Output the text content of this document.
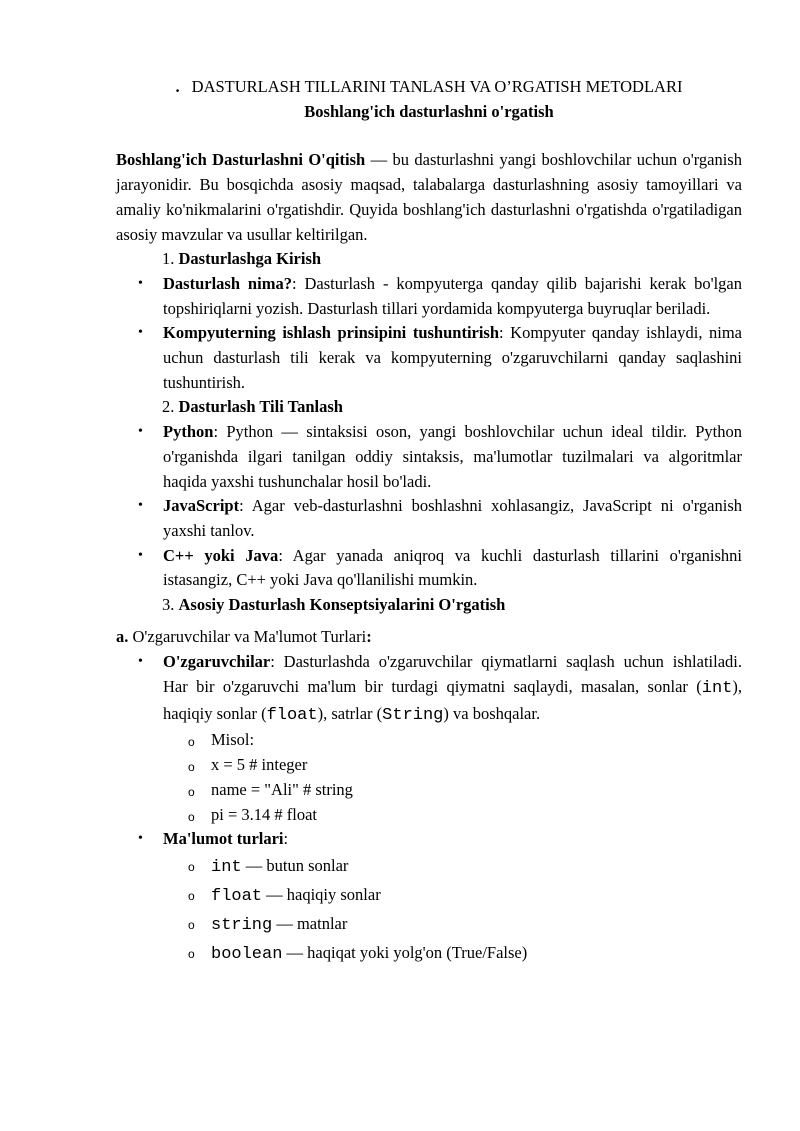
. DASTURLASH TILLARINI TANLASH VA O’RGATISH METODLARI
Boshlang'ich dasturlashni o'rgatish

Boshlang'ich Dasturlashni O'qitish — bu dasturlashni yangi boshlovchilar uchun o'rganish jarayonidir. Bu bosqichda asosiy maqsad, talabalarga dasturlashning asosiy tamoyillari va amaliy ko'nikmalarini o'rgatishdir. Quyida boshlang'ich dasturlashni o'rgatishda o'rgatiladigan asosiy mavzular va usullar keltirilgan.

1. Dasturlashga Kirish
• Dasturlash nima?: Dasturlash - kompyuterga qanday qilib bajarishi kerak bo'lgan topshiriqlarni yozish. Dasturlash tillari yordamida kompyuterga buyruqlar beriladi.
• Kompyuterning ishlash prinsipini tushuntirish: Kompyuter qanday ishlaydi, nima uchun dasturlash tili kerak va kompyuterning o'zgaruvchilarni qanday saqlashini tushuntirish.
2. Dasturlash Tili Tanlash
• Python: Python — sintaksisi oson, yangi boshlovchilar uchun ideal tildir. Python o'rganishda ilgari tanilgan oddiy sintaksis, ma'lumotlar tuzilmalari va algoritmlar haqida yaxshi tushunchalar hosil bo'ladi.
• JavaScript: Agar veb-dasturlashni boshlashni xohlasangiz, JavaScript ni o'rganish yaxshi tanlov.
• C++ yoki Java: Agar yanada aniqroq va kuchli dasturlash tillarini o'rganishni istasangiz, C++ yoki Java qo'llanilishi mumkin.
3. Asosiy Dasturlash Konseptsiyalarini O'rgatish
a. O'zgaruvchilar va Ma'lumot Turlari:
• O'zgaruvchilar: Dasturlashda o'zgaruvchilar qiymatlarni saqlash uchun ishlatiladi. Har bir o'zgaruvchi ma'lum bir turdagi qiymatni saqlaydi, masalan, sonlar (int), haqiqiy sonlar (float), satrlar (String) va boshqalar.
o Misol:
o x = 5 # integer
o name = "Ali" # string
o pi = 3.14 # float
• Ma'lumot turlari:
o int — butun sonlar
o float — haqiqiy sonlar
o string — matnlar
o boolean — haqiqat yoki yolg'on (True/False)
